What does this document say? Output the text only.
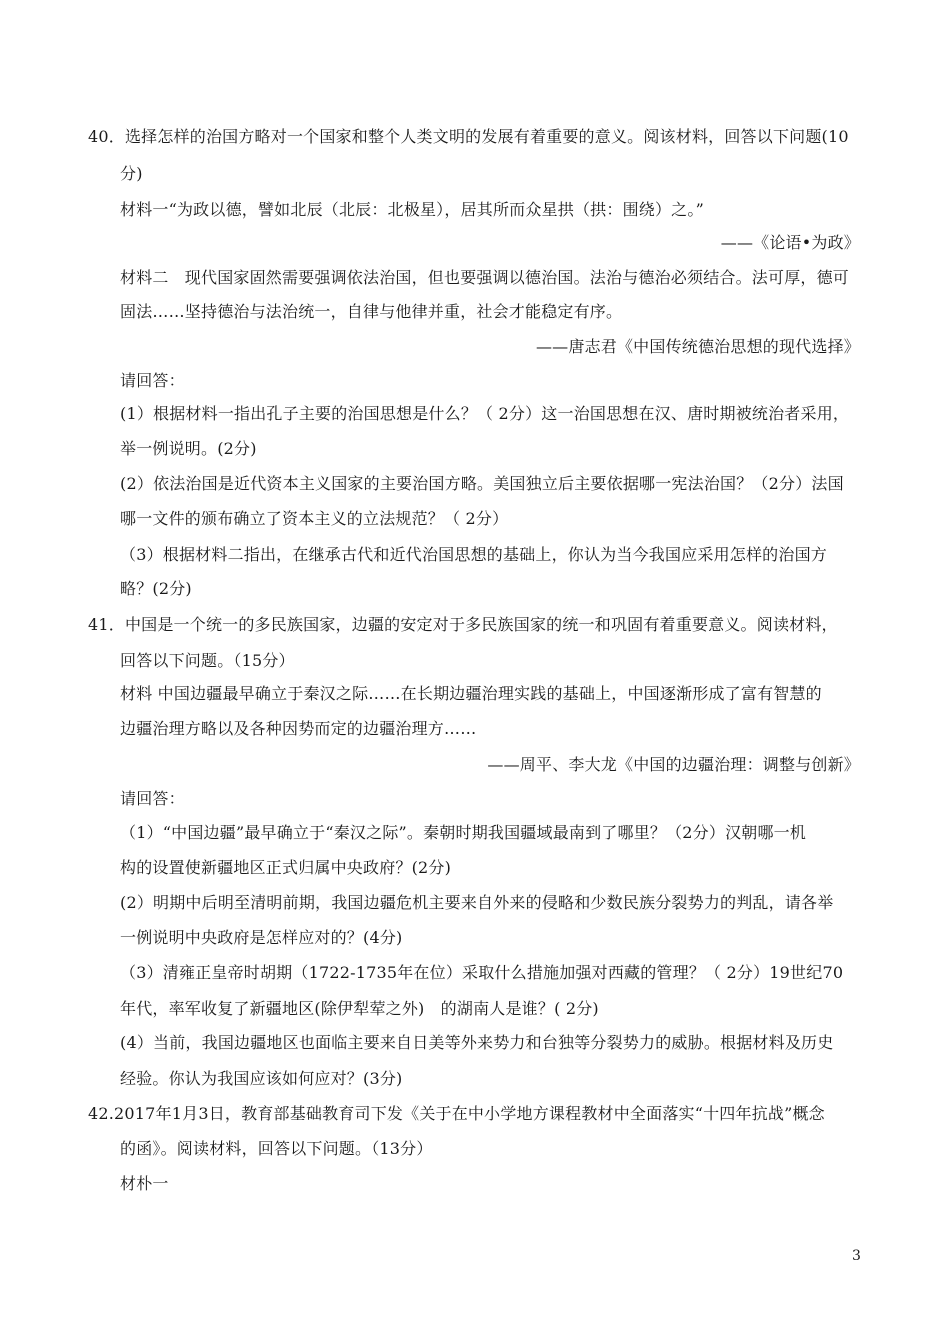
40．选择怎样的治国方略对一个国家和整个人类文明的发展有着重要的意义。阅该材料，回答以下问题(10
分)
材料一“为政以德，譬如北辰（北辰：北极星），居其所而众星拱（拱：围绕）之。”
——《论语•为政》
材料二　现代国家固然需要强调依法治国，但也要强调以德治国。法治与德治必须结合。法可厚，德可
固法……坚持德治与法治统一，自律与他律并重，社会才能稳定有序。
——唐志君《中国传统德治思想的现代选择》
请回答：
(1）根据材料一指出孔子主要的治国思想是什么？（ 2分）这一治国思想在汉、唐时期被统治者采用，
举一例说明。(2分)
(2）依法治国是近代资本主义国家的主要治国方略。美国独立后主要依据哪一宪法治国？（2分）法国
哪一文件的颁布确立了资本主义的立法规范？（ 2分）
（3）根据材料二指出，在继承古代和近代治国思想的基础上，你认为当今我国应采用怎样的治国方
略？(2分)
41．中国是一个统一的多民族国家，边疆的安定对于多民族国家的统一和巩固有着重要意义。阅读材料，
回答以下问题。（15分）
材料 中国边疆最早确立于秦汉之际……在长期边疆治理实践的基础上，中国逐渐形成了富有智慧的
边疆治理方略以及各种因势而定的边疆治理方……
——周平、李大龙《中国的边疆治理：调整与创新》
请回答：
（1）“中国边疆”最早确立于“秦汉之际”。秦朝时期我国疆域最南到了哪里？（2分）汉朝哪一机
构的设置使新疆地区正式归属中央政府？(2分)
(2）明期中后明至清明前期，我国边疆危机主要来自外来的侵略和少数民族分裂势力的判乱，请各举
一例说明中央政府是怎样应对的？(4分)
（3）清雍正皇帝时胡期（1722-1735年在位）采取什么措施加强对西藏的管理？（ 2分）19世纪70
年代，率军收复了新疆地区(除伊犁荤之外)　的湖南人是谁？( 2分)
(4）当前，我国边疆地区也面临主要来自日美等外来势力和台独等分裂势力的威胁。根据材料及历史
经验。你认为我国应该如何应对？(3分)
42.2017年1月3日，教育部基础教育司下发《关于在中小学地方课程教材中全面落实“十四年抗战”概念
的函》。阅读材料，回答以下问题。（13分）
材朴一
3
